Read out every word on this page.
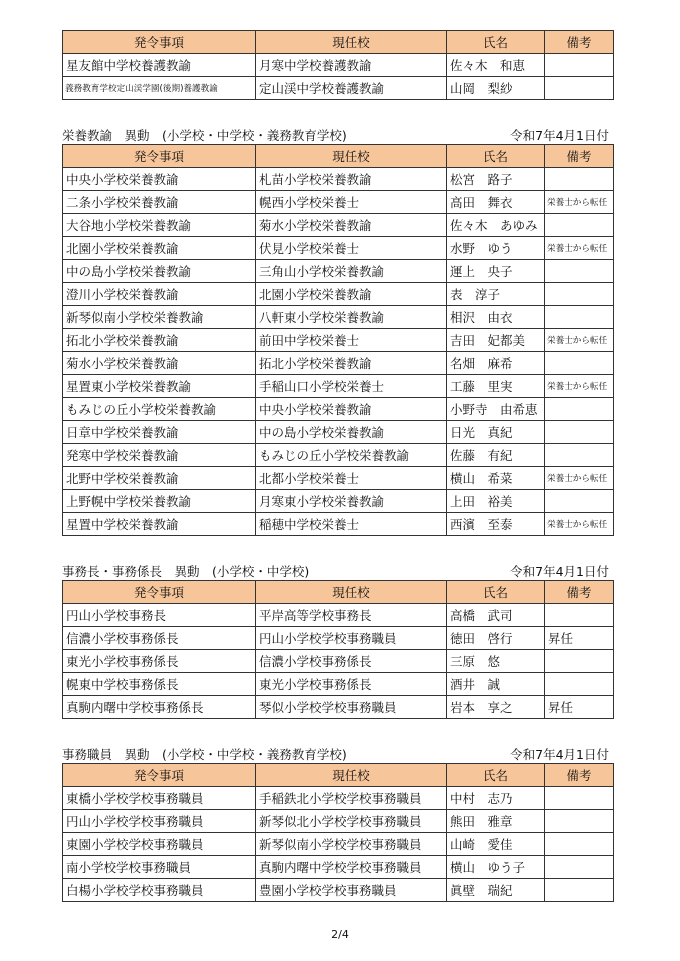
発令事項	現任校	氏名	備考
星友館中学校養護教諭	月寒中学校養護教諭	佐々木　和恵	
義務教育学校定山渓学園(後期)養護教諭	定山渓中学校養護教諭	山岡　梨紗	
栄養教諭　異動　(小学校・中学校・義務教育学校)	令和7年4月1日付
発令事項	現任校	氏名	備考
中央小学校栄養教諭	札苗小学校栄養教諭	松宮　路子	
二条小学校栄養教諭	幌西小学校栄養士	高田　舞衣	栄養士から転任
大谷地小学校栄養教諭	菊水小学校栄養教諭	佐々木　あゆみ	
北園小学校栄養教諭	伏見小学校栄養士	水野　ゆう	栄養士から転任
中の島小学校栄養教諭	三角山小学校栄養教諭	運上　央子	
澄川小学校栄養教諭	北園小学校栄養教諭	表　淳子	
新琴似南小学校栄養教諭	八軒東小学校栄養教諭	相沢　由衣	
拓北小学校栄養教諭	前田中学校栄養士	吉田　妃都美	栄養士から転任
菊水小学校栄養教諭	拓北小学校栄養教諭	名畑　麻希	
星置東小学校栄養教諭	手稲山口小学校栄養士	工藤　里実	栄養士から転任
もみじの丘小学校栄養教諭	中央小学校栄養教諭	小野寺　由希恵	
日章中学校栄養教諭	中の島小学校栄養教諭	日光　真紀	
発寒中学校栄養教諭	もみじの丘小学校栄養教諭	佐藤　有紀	
北野中学校栄養教諭	北都小学校栄養士	横山　希菜	栄養士から転任
上野幌中学校栄養教諭	月寒東小学校栄養教諭	上田　裕美	
星置中学校栄養教諭	稲穂中学校栄養士	西濱　至泰	栄養士から転任
事務長・事務係長　異動　(小学校・中学校)	令和7年4月1日付
発令事項	現任校	氏名	備考
円山小学校事務長	平岸高等学校事務長	高橋　武司	
信濃小学校事務係長	円山小学校学校事務職員	徳田　啓行	昇任
東光小学校事務係長	信濃小学校事務係長	三原　悠	
幌東中学校事務係長	東光小学校事務係長	酒井　誠	
真駒内曙中学校事務係長	琴似小学校学校事務職員	岩本　享之	昇任
事務職員　異動　(小学校・中学校・義務教育学校)	令和7年4月1日付
発令事項	現任校	氏名	備考
東橋小学校学校事務職員	手稲鉄北小学校学校事務職員	中村　志乃	
円山小学校学校事務職員	新琴似北小学校学校事務職員	熊田　雅章	
東園小学校学校事務職員	新琴似南小学校学校事務職員	山崎　愛佳	
南小学校学校事務職員	真駒内曙中学校学校事務職員	横山　ゆう子	
白楊小学校学校事務職員	豊園小学校学校事務職員	眞壁　瑞紀	
2/4
